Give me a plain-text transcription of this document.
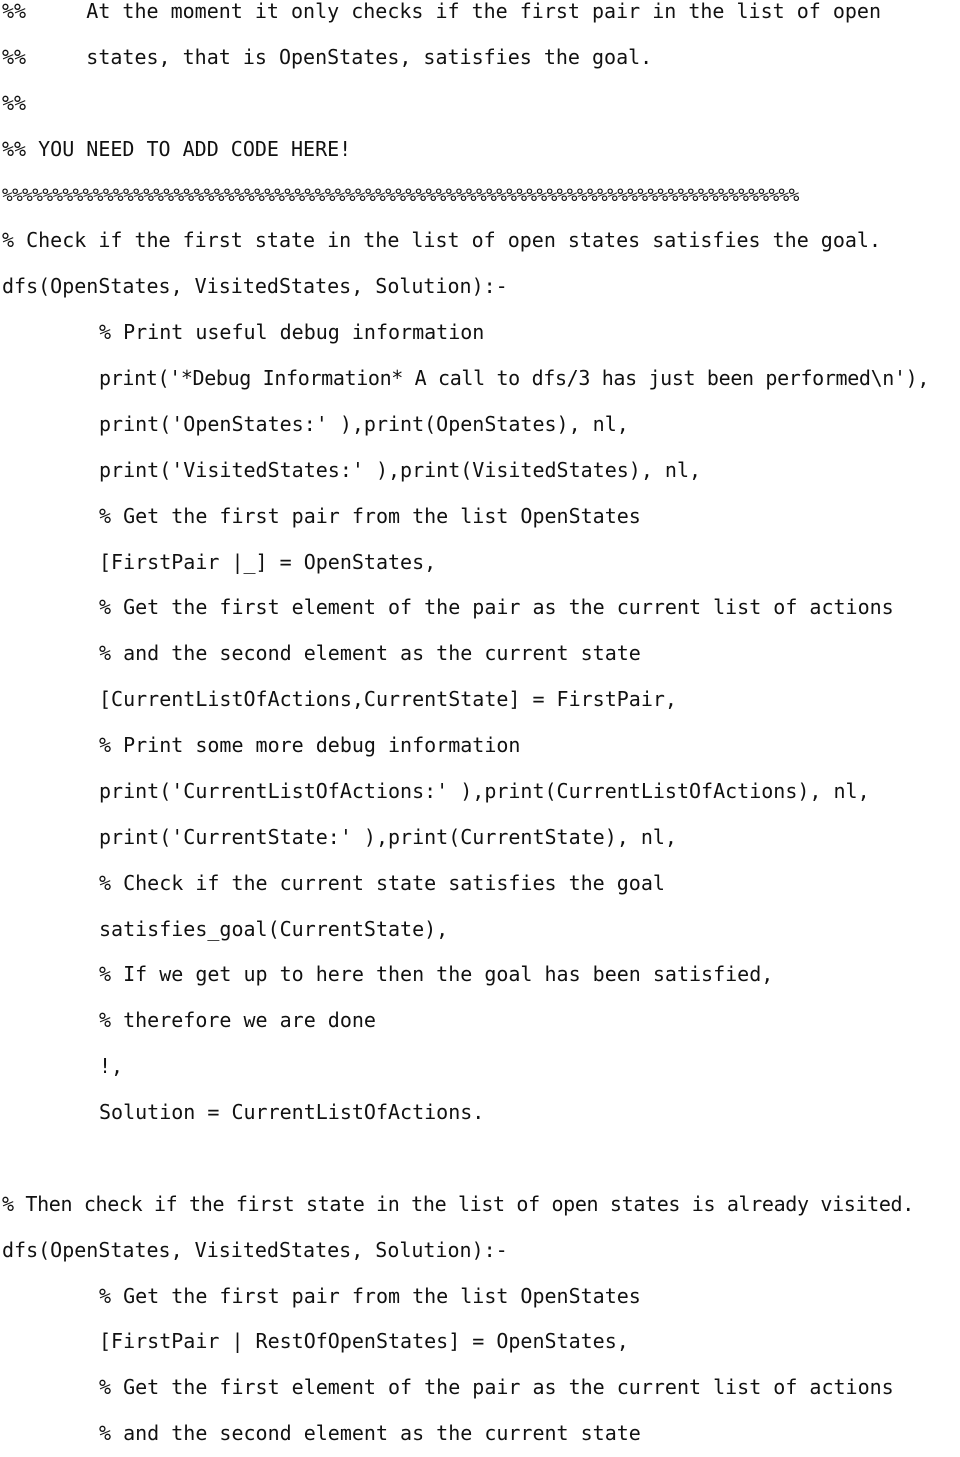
%%     At the moment it only checks if the first pair in the list of open
%%     states, that is OpenStates, satisfies the goal.
%%
%% YOU NEED TO ADD CODE HERE!
%%%%%%%%%%%%%%%%%%%%%%%%%%%%%%%%%%%%%%%%%%%%%%%%%%%%%%%%%%%%%%%%%%%%%%%%%%%%%%%
% Check if the first state in the list of open states satisfies the goal.
dfs(OpenStates, VisitedStates, Solution):-
% Print useful debug information
print('*Debug Information* A call to dfs/3 has just been performed\n'),
print('OpenStates:' ),print(OpenStates), nl,
print('VisitedStates:' ),print(VisitedStates), nl,
% Get the first pair from the list OpenStates
[FirstPair |_] = OpenStates,
% Get the first element of the pair as the current list of actions
% and the second element as the current state
[CurrentListOfActions,CurrentState] = FirstPair,
% Print some more debug information
print('CurrentListOfActions:' ),print(CurrentListOfActions), nl,
print('CurrentState:' ),print(CurrentState), nl,
% Check if the current state satisfies the goal
satisfies_goal(CurrentState),
% If we get up to here then the goal has been satisfied,
% therefore we are done
!,
Solution = CurrentListOfActions.
% Then check if the first state in the list of open states is already visited.
dfs(OpenStates, VisitedStates, Solution):-
% Get the first pair from the list OpenStates
[FirstPair | RestOfOpenStates] = OpenStates,
% Get the first element of the pair as the current list of actions
% and the second element as the current state
